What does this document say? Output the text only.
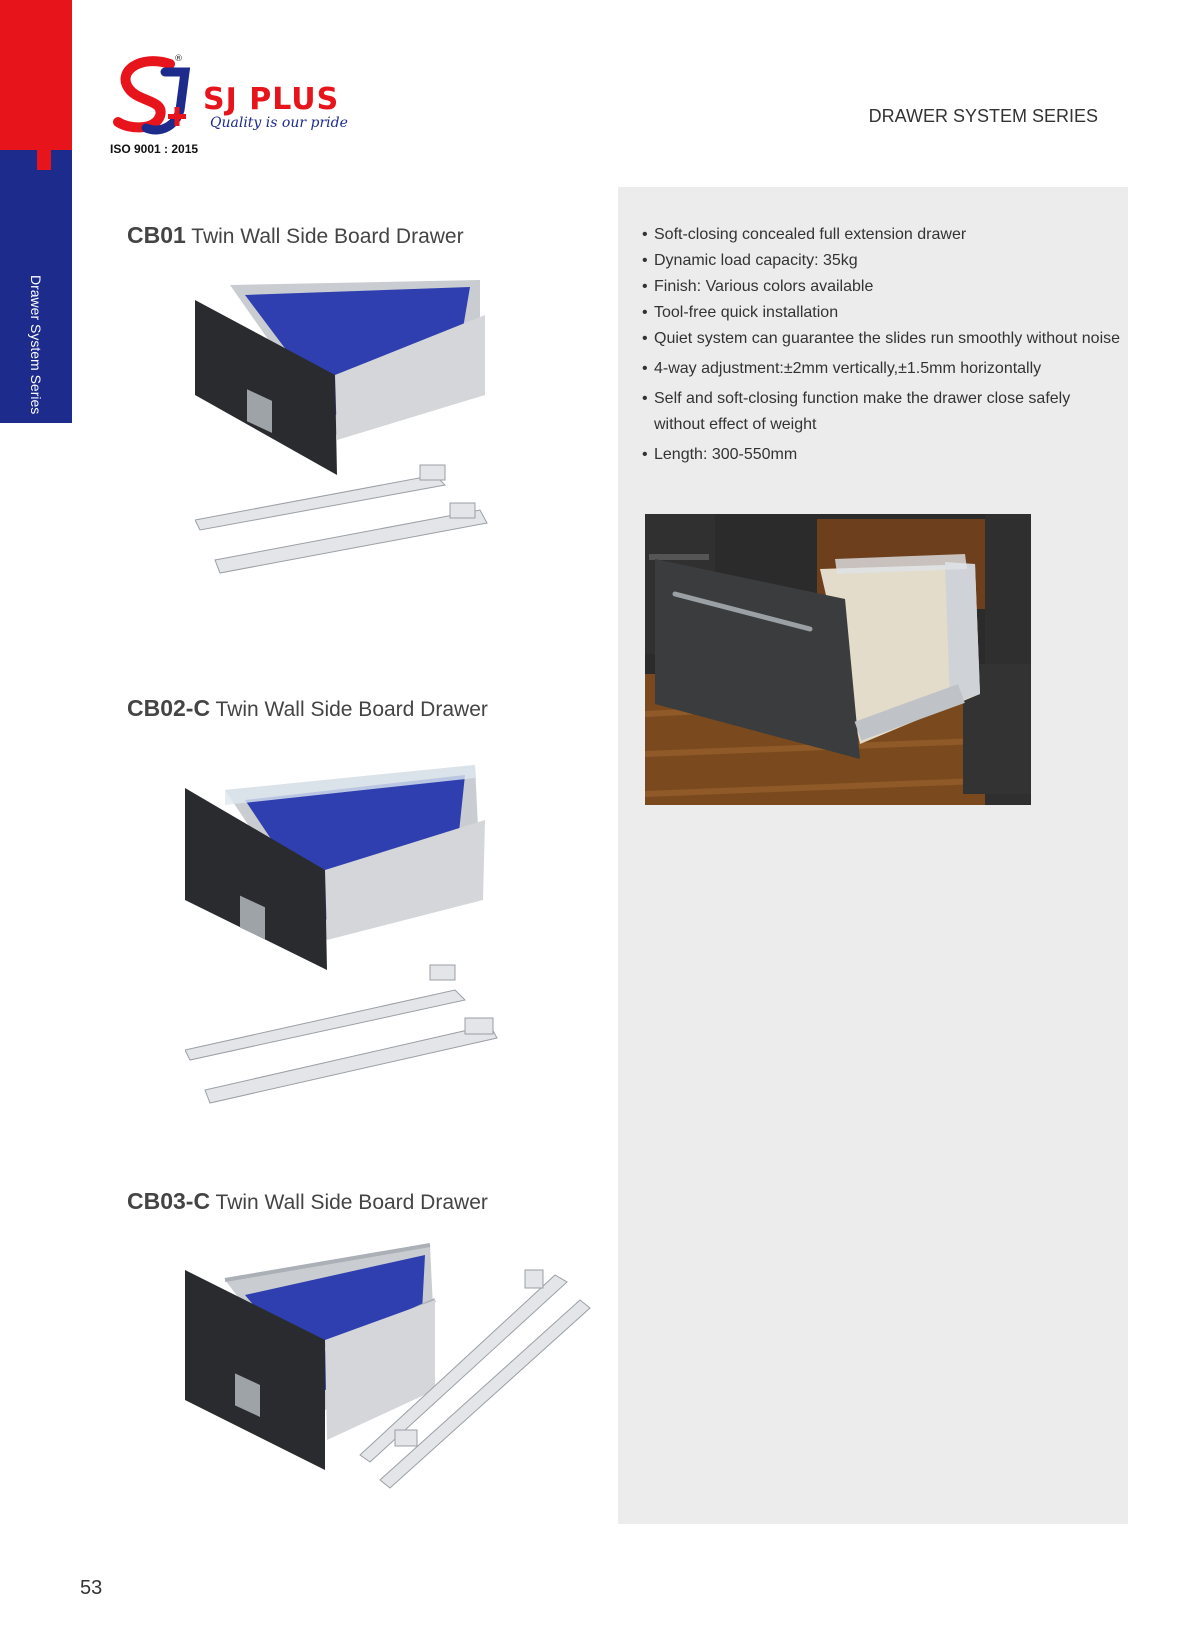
Drawer System Series
®
SJ PLUS
Quality is our pride
ISO 9001 : 2015
DRAWER SYSTEM SERIES
• Soft-closing concealed full extension drawer
• Dynamic load capacity: 35kg
• Finish: Various colors available
• Tool-free quick installation
• Quiet system can guarantee the slides run smoothly without noise
• 4-way adjustment:±2mm vertically,±1.5mm horizontally
• Self and soft-closing function make the drawer close safely without effect of weight
• Length: 300-550mm
CB01 Twin Wall Side Board Drawer
CB02-C Twin Wall Side Board Drawer
CB03-C Twin Wall Side Board Drawer
53
